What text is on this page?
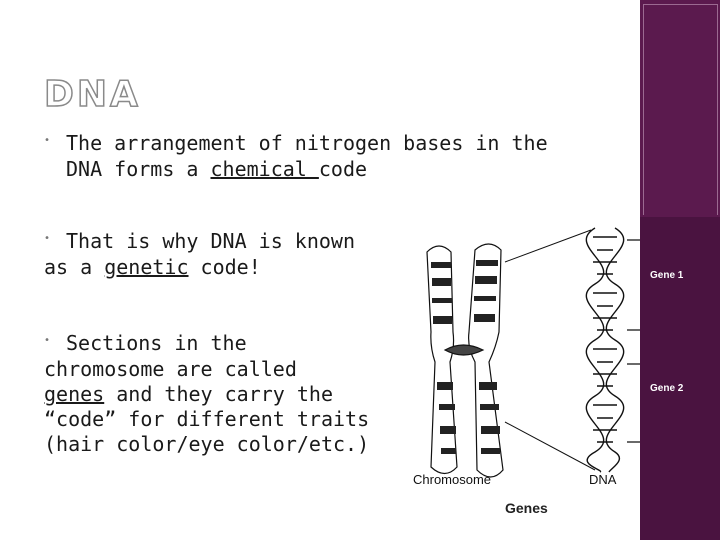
DNA
• The arrangement of nitrogen bases in the
DNA forms a chemical code
• That is why DNA is known
as a genetic code!
• Sections in the
chromosome are called
genes and they carry the
“code” for different traits
(hair color/eye color/etc.)
Chromosome	DNA
Genes
Gene 1
Gene 2
